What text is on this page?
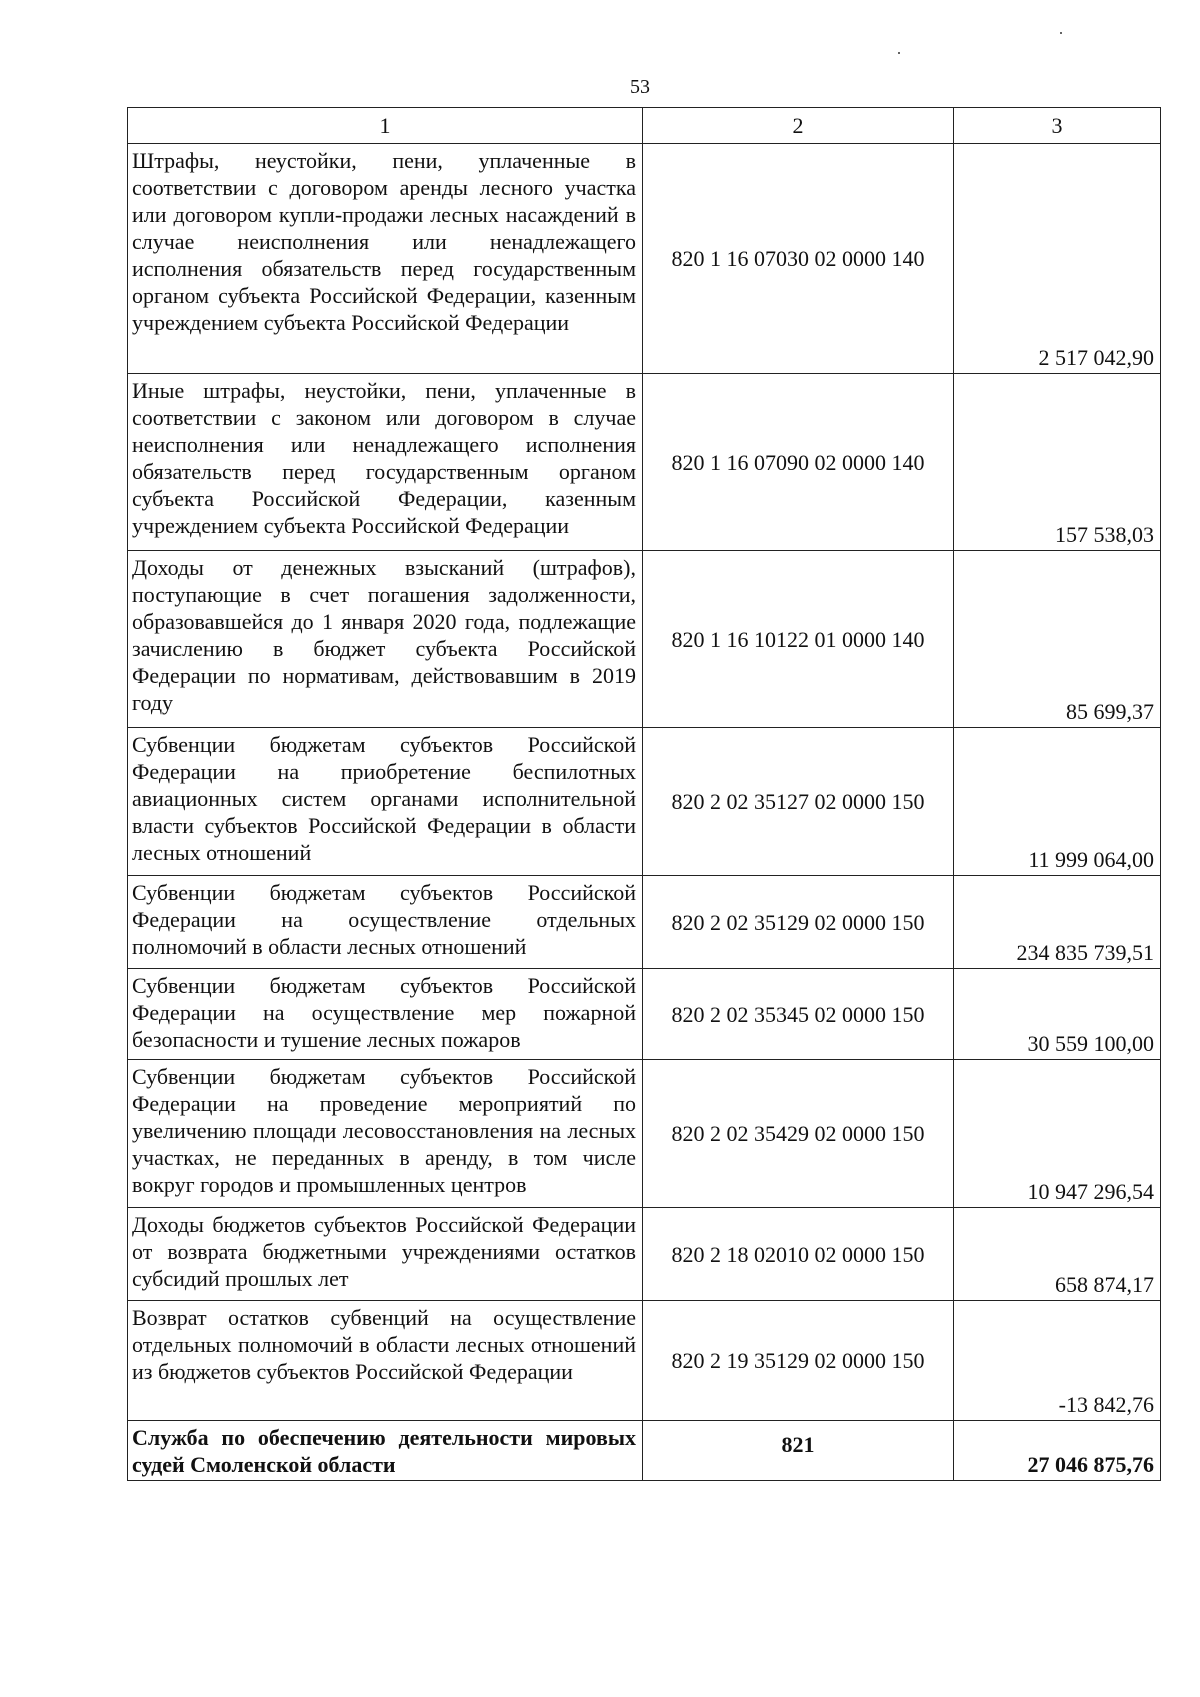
53
1	2	3
Штрафы, неустойки, пени, уплаченные в соответствии с договором аренды лесного участка или договором купли-продажи лесных насаждений в случае неисполнения или ненадлежащего исполнения обязательств перед государственным органом субъекта Российской Федерации, казенным учреждением субъекта Российской Федерации	820 1 16 07030 02 0000 140	2 517 042,90
Иные штрафы, неустойки, пени, уплаченные в соответствии с законом или договором в случае неисполнения или ненадлежащего исполнения обязательств перед государственным органом субъекта Российской Федерации, казенным учреждением субъекта Российской Федерации	820 1 16 07090 02 0000 140	157 538,03
Доходы от денежных взысканий (штрафов), поступающие в счет погашения задолженности, образовавшейся до 1 января 2020 года, подлежащие зачислению в бюджет субъекта Российской Федерации по нормативам, действовавшим в 2019 году	820 1 16 10122 01 0000 140	85 699,37
Субвенции бюджетам субъектов Российской Федерации на приобретение беспилотных авиационных систем органами исполнительной власти субъектов Российской Федерации в области лесных отношений	820 2 02 35127 02 0000 150	11 999 064,00
Субвенции бюджетам субъектов Российской Федерации на осуществление отдельных полномочий в области лесных отношений	820 2 02 35129 02 0000 150	234 835 739,51
Субвенции бюджетам субъектов Российской Федерации на осуществление мер пожарной безопасности и тушение лесных пожаров	820 2 02 35345 02 0000 150	30 559 100,00
Субвенции бюджетам субъектов Российской Федерации на проведение мероприятий по увеличению площади лесовосстановления на лесных участках, не переданных в аренду, в том числе вокруг городов и промышленных центров	820 2 02 35429 02 0000 150	10 947 296,54
Доходы бюджетов субъектов Российской Федерации от возврата бюджетными учреждениями остатков субсидий прошлых лет	820 2 18 02010 02 0000 150	658 874,17
Возврат остатков субвенций на осуществление отдельных полномочий в области лесных отношений из бюджетов субъектов Российской Федерации	820 2 19 35129 02 0000 150	-13 842,76
Служба по обеспечению деятельности мировых судей Смоленской области	821	27 046 875,76
